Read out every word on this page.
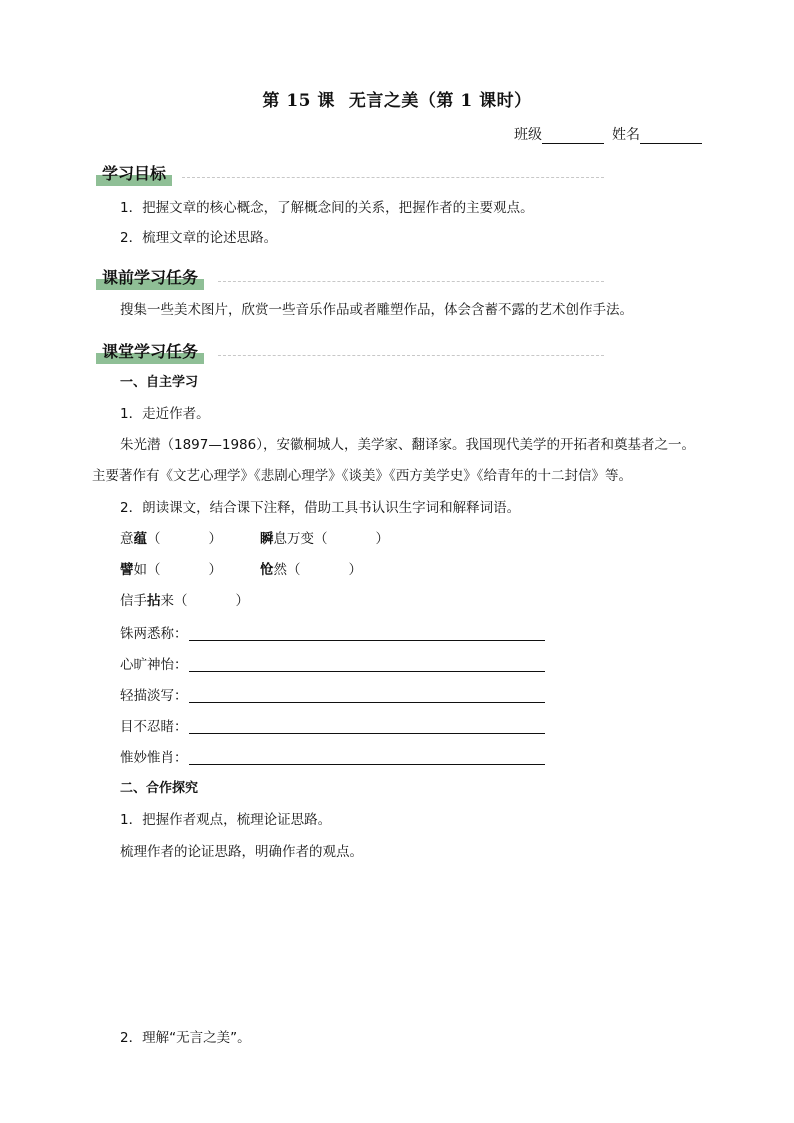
第 15 课 无言之美（第 1 课时）
班级	姓名
学习目标
1．把握文章的核心概念，了解概念间的关系，把握作者的主要观点。
2．梳理文章的论述思路。
课前学习任务
搜集一些美术图片，欣赏一些音乐作品或者雕塑作品，体会含蓄不露的艺术创作手法。
课堂学习任务
一、自主学习
1．走近作者。
朱光潜（1897—1986），安徽桐城人，美学家、翻译家。我国现代美学的开拓者和奠基者之一。
主要著作有《文艺心理学》《悲剧心理学》《谈美》《西方美学史》《给青年的十二封信》等。
2．朗读课文，结合课下注释，借助工具书认识生字词和解释词语。
意蕴（	）	瞬息万变（	）
譬如（	）	怆然（	）
信手拈来（	）
铢两悉称：
心旷神怡：
轻描淡写：
目不忍睹：
惟妙惟肖：
二、合作探究
1．把握作者观点，梳理论证思路。
梳理作者的论证思路，明确作者的观点。
2．理解“无言之美”。
